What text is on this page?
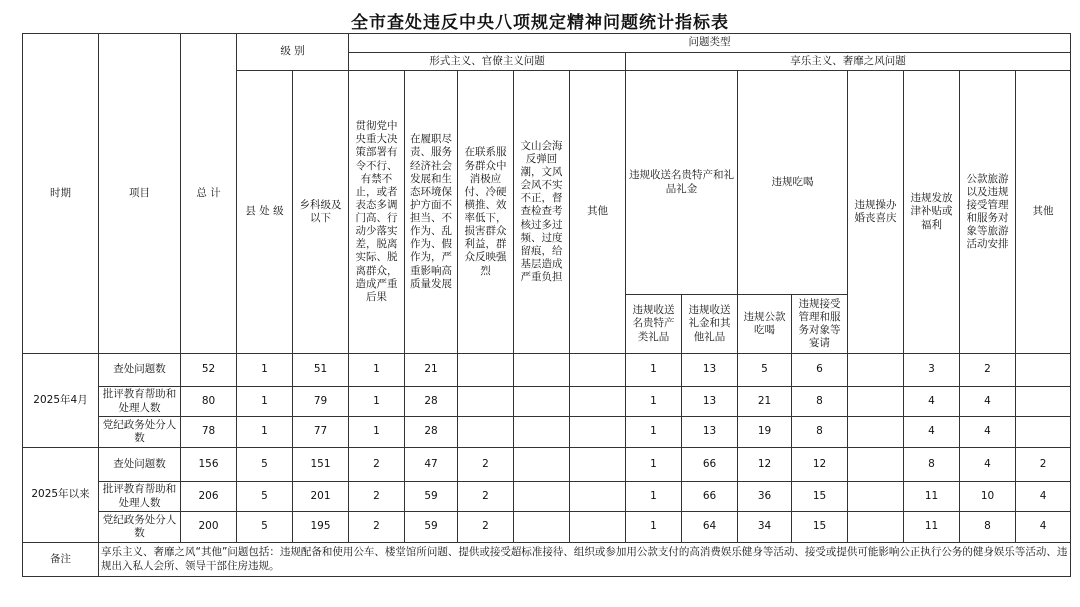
全市查处违反中央八项规定精神问题统计指标表
时期	项目	总 计	级 别		问题类型												
					形式主义、官僚主义问题					享乐主义、奢靡之风问题							
			县 处 级	乡科级及以下	贯彻党中央重大决策部署有令不行、有禁不止，或者表态多调门高、行动少落实差，脱离实际、脱离群众，造成严重后果	在履职尽责、服务经济社会发展和生态环境保护方面不担当、不作为、乱作为、假作为，严重影响高质量发展	在联系服务群众中消极应付、冷硬横推、效率低下，损害群众利益，群众反映强烈	文山会海反弹回潮，文风会风不实不正，督查检查考核过多过频、过度留痕，给基层造成严重负担	其他	违规收送名贵特产和礼品礼金		违规吃喝		违规操办婚丧喜庆	违规发放津补贴或福利	公款旅游以及违规接受管理和服务对象等旅游活动安排	其他
										违规收送名贵特产类礼品	违规收送礼金和其他礼品	违规公款吃喝	违规接受管理和服务对象等宴请				
2025年4月	查处问题数	52	1	51	1	21				1	13	5	6		3	2	
	批评教育帮助和处理人数	80	1	79	1	28				1	13	21	8		4	4	
	党纪政务处分人数	78	1	77	1	28				1	13	19	8		4	4	
2025年以来	查处问题数	156	5	151	2	47	2			1	66	12	12		8	4	2
	批评教育帮助和处理人数	206	5	201	2	59	2			1	66	36	15		11	10	4
	党纪政务处分人数	200	5	195	2	59	2			1	64	34	15		11	8	4
备注	享乐主义、奢靡之风“其他”问题包括：违规配备和使用公车、楼堂馆所问题、提供或接受超标准接待、组织或参加用公款支付的高消费娱乐健身等活动、接受或提供可能影响公正执行公务的健身娱乐等活动、违规出入私人会所、领导干部住房违规。																
